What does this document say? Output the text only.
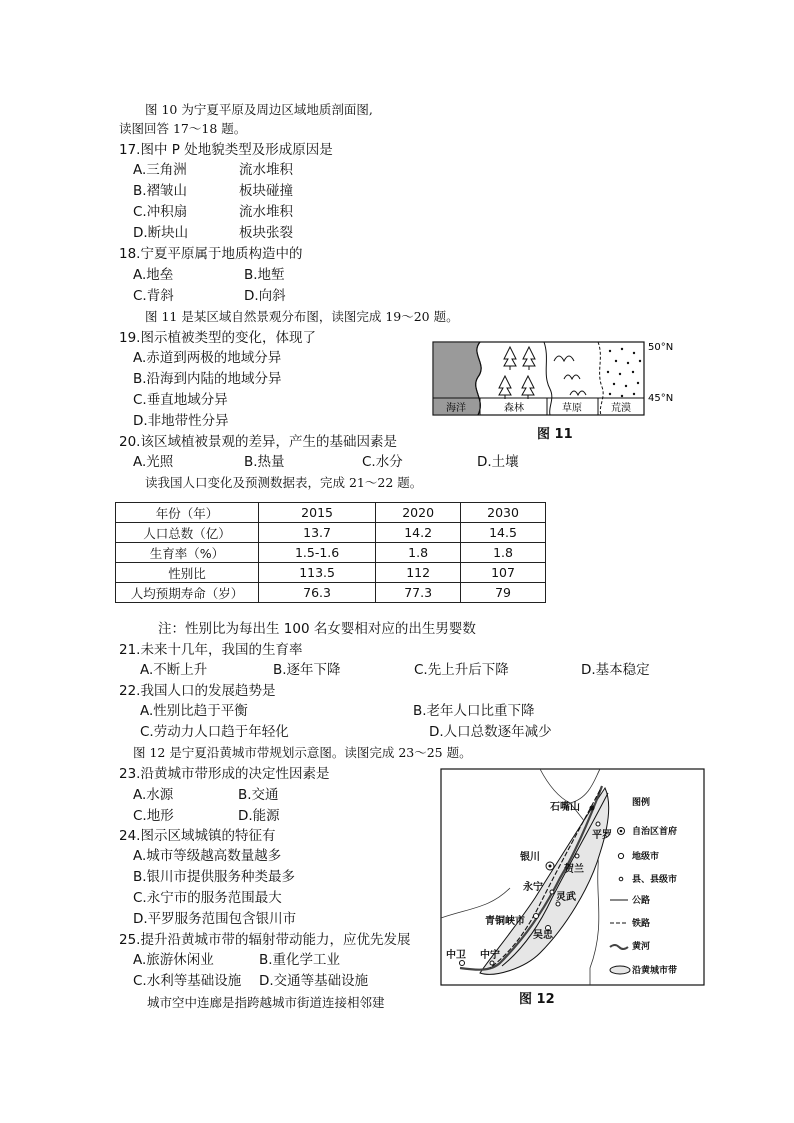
图 10 为宁夏平原及周边区域地质剖面图,
读图回答 17～18 题。
17.图中 P 处地貌类型及形成原因是
A.三角洲	流水堆积
B.褶皱山	板块碰撞
C.冲积扇	流水堆积
D.断块山	板块张裂
18.宁夏平原属于地质构造中的
A.地垒	B.地堑
C.背斜	D.向斜
图 11 是某区域自然景观分布图，读图完成 19～20 题。
19.图示植被类型的变化，体现了
A.赤道到两极的地域分异
B.沿海到内陆的地域分异
C.垂直地域分异
D.非地带性分异
海洋	森林	草原	荒漠
50°N
45°N
图 11
20.该区域植被景观的差异，产生的基础因素是
A.光照	B.热量	C.水分	D.土壤
读我国人口变化及预测数据表，完成 21～22 题。
年份（年）	2015	2020	2030
人口总数（亿）	13.7	14.2	14.5
生育率（%）	1.5-1.6	1.8	1.8
性别比	113.5	112	107
人均预期寿命（岁）	76.3	77.3	79
注：性别比为每出生 100 名女婴相对应的出生男婴数
21.未来十几年，我国的生育率
A.不断上升	B.逐年下降	C.先上升后下降	D.基本稳定
22.我国人口的发展趋势是
A.性别比趋于平衡	B.老年人口比重下降
C.劳动力人口趋于年轻化	D.人口总数逐年减少
图 12 是宁夏沿黄城市带规划示意图。读图完成 23～25 题。
23.沿黄城市带形成的决定性因素是
A.水源	B.交通
C.地形	D.能源
24.图示区域城镇的特征有
A.城市等级越高数量越多
B.银川市提供服务种类最多
C.永宁市的服务范围最大
D.平罗服务范围包含银川市
25.提升沿黄城市带的辐射带动能力，应优先发展
A.旅游休闲业	B.重化学工业
C.水利等基础设施 D.交通等基础设施
城市空中连廊是指跨越城市街道连接相邻建
石嘴山
平罗
贺兰
银川
永宁
灵武
青铜峡市
吴忠
中卫 中宁
图例
自治区首府
地级市
县、县级市
公路
铁路
黄河
沿黄城市带
图 12
